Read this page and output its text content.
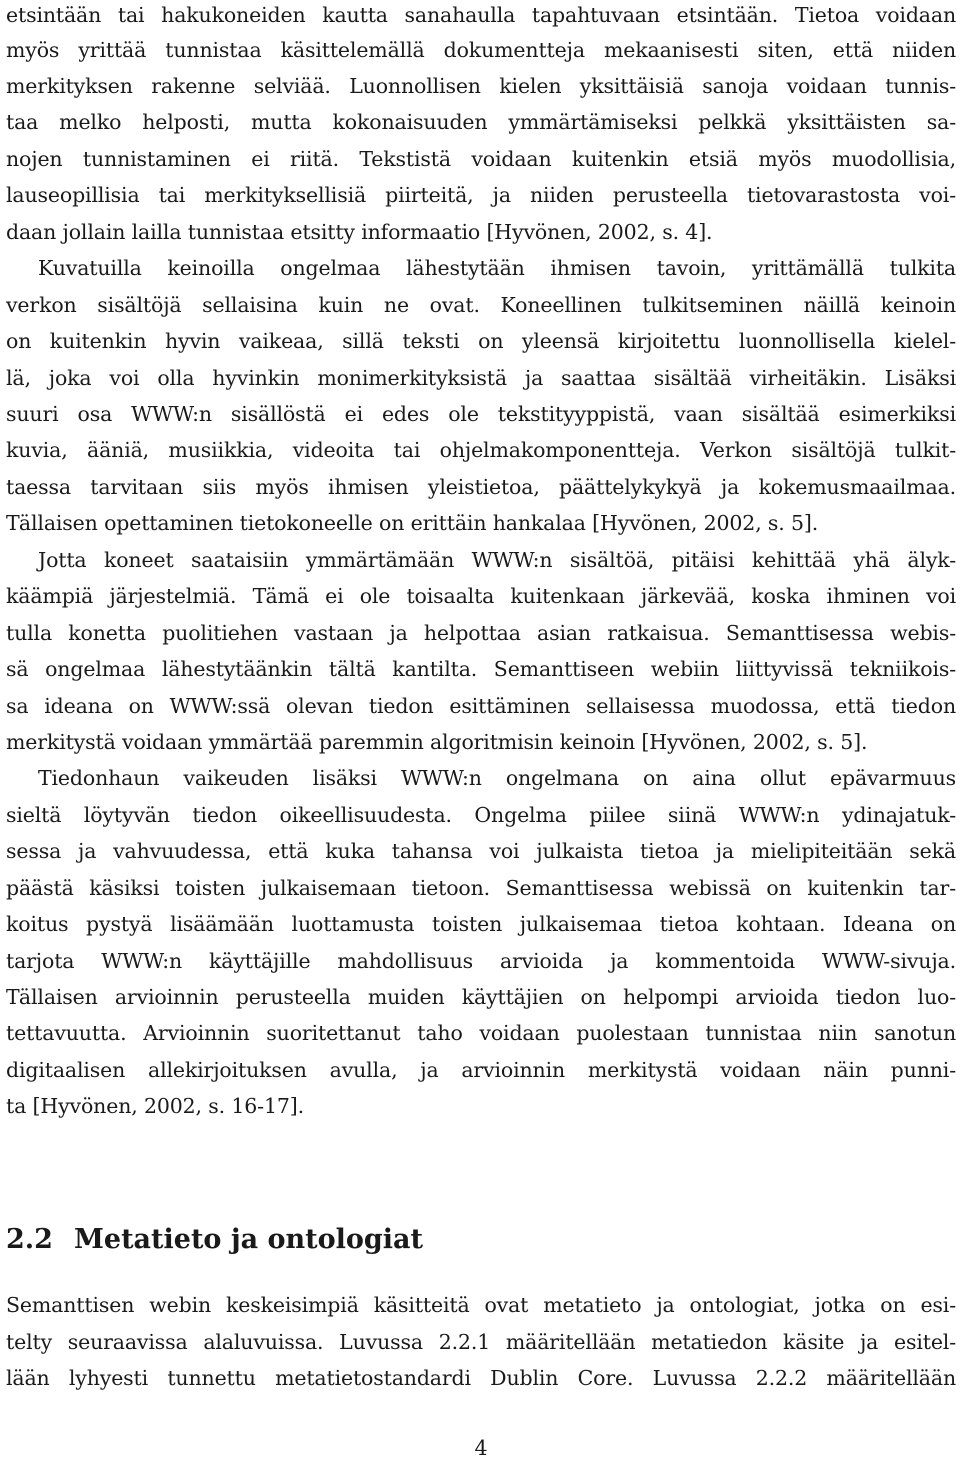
etsintään tai hakukoneiden kautta sanahaulla tapahtuvaan etsintään. Tietoa voidaan
myös yrittää tunnistaa käsittelemällä dokumentteja mekaanisesti siten, että niiden
merkityksen rakenne selviää. Luonnollisen kielen yksittäisiä sanoja voidaan tunnis-
taa melko helposti, mutta kokonaisuuden ymmärtämiseksi pelkkä yksittäisten sa-
nojen tunnistaminen ei riitä. Tekstistä voidaan kuitenkin etsiä myös muodollisia,
lauseopillisia tai merkityksellisiä piirteitä, ja niiden perusteella tietovarastosta voi-
daan jollain lailla tunnistaa etsitty informaatio [Hyvönen, 2002, s. 4].
Kuvatuilla keinoilla ongelmaa lähestytään ihmisen tavoin, yrittämällä tulkita
verkon sisältöjä sellaisina kuin ne ovat. Koneellinen tulkitseminen näillä keinoin
on kuitenkin hyvin vaikeaa, sillä teksti on yleensä kirjoitettu luonnollisella kielel-
lä, joka voi olla hyvinkin monimerkityksistä ja saattaa sisältää virheitäkin. Lisäksi
suuri osa WWW:n sisällöstä ei edes ole tekstityyppistä, vaan sisältää esimerkiksi
kuvia, ääniä, musiikkia, videoita tai ohjelmakomponentteja. Verkon sisältöjä tulkit-
taessa tarvitaan siis myös ihmisen yleistietoa, päättelykykyä ja kokemusmaailmaa.
Tällaisen opettaminen tietokoneelle on erittäin hankalaa [Hyvönen, 2002, s. 5].
Jotta koneet saataisiin ymmärtämään WWW:n sisältöä, pitäisi kehittää yhä älyk-
käämpiä järjestelmiä. Tämä ei ole toisaalta kuitenkaan järkevää, koska ihminen voi
tulla konetta puolitiehen vastaan ja helpottaa asian ratkaisua. Semanttisessa webis-
sä ongelmaa lähestytäänkin tältä kantilta. Semanttiseen webiin liittyvissä tekniikois-
sa ideana on WWW:ssä olevan tiedon esittäminen sellaisessa muodossa, että tiedon
merkitystä voidaan ymmärtää paremmin algoritmisin keinoin [Hyvönen, 2002, s. 5].
Tiedonhaun vaikeuden lisäksi WWW:n ongelmana on aina ollut epävarmuus
sieltä löytyvän tiedon oikeellisuudesta. Ongelma piilee siinä WWW:n ydinajatuk-
sessa ja vahvuudessa, että kuka tahansa voi julkaista tietoa ja mielipiteitään sekä
päästä käsiksi toisten julkaisemaan tietoon. Semanttisessa webissä on kuitenkin tar-
koitus pystyä lisäämään luottamusta toisten julkaisemaa tietoa kohtaan. Ideana on
tarjota WWW:n käyttäjille mahdollisuus arvioida ja kommentoida WWW-sivuja.
Tällaisen arvioinnin perusteella muiden käyttäjien on helpompi arvioida tiedon luo-
tettavuutta. Arvioinnin suoritettanut taho voidaan puolestaan tunnistaa niin sanotun
digitaalisen allekirjoituksen avulla, ja arvioinnin merkitystä voidaan näin punni-
ta [Hyvönen, 2002, s. 16-17].
2.2 Metatieto ja ontologiat
Semanttisen webin keskeisimpiä käsitteitä ovat metatieto ja ontologiat, jotka on esi-
telty seuraavissa alaluvuissa. Luvussa 2.2.1 määritellään metatiedon käsite ja esitel-
lään lyhyesti tunnettu metatietostandardi Dublin Core. Luvussa 2.2.2 määritellään
4
